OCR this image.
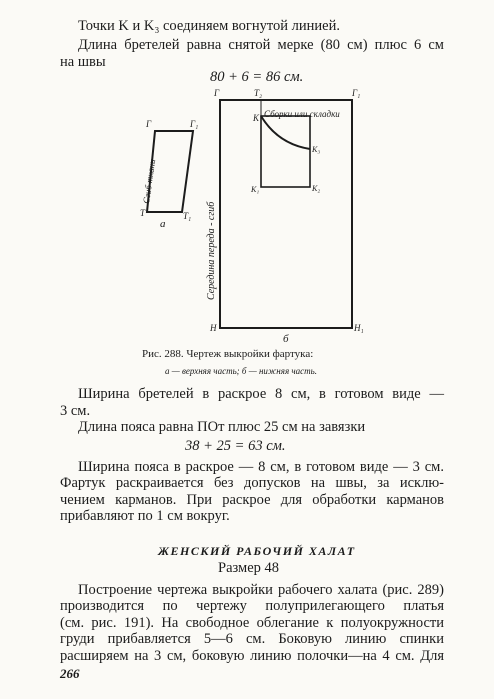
Точки K и K₃ соединяем вогнутой линией.
Длина бретелей равна снятой мерке (80 см) плюс 6 см
на швы
80 + 6 = 86 см.
Г	Г₁
Т	Т₁
а
Сгиб ткани
Г	Т₂	Г₁
Сборки или складки
Середина переда - сгиб
K
K₃
K₁	K₂
Н
б
Н₁
Рис. 288. Чертеж выкройки фартука:
а — верхняя часть; б — нижняя часть.
Ширина бретелей в раскрое 8 см, в готовом виде —
3 см.
Длина пояса равна ПОт плюс 25 см на завязки
38 + 25 = 63 см.
Ширина пояса в раскрое — 8 см, в готовом виде — 3 см.
Фартук раскраивается без допусков на швы, за исклю-
чением карманов. При раскрое для обработки карманов
прибавляют по 1 см вокруг.
ЖЕНСКИЙ РАБОЧИЙ ХАЛАТ
Размер 48
Построение чертежа выкройки рабочего халата (рис. 289)
производится по чертежу полуприлегающего платья
(см. рис. 191). На свободное облегание к полуокружности
груди прибавляется 5—6 см. Боковую линию спинки
расширяем на 3 см, боковую линию полочки—на 4 см. Для
266
